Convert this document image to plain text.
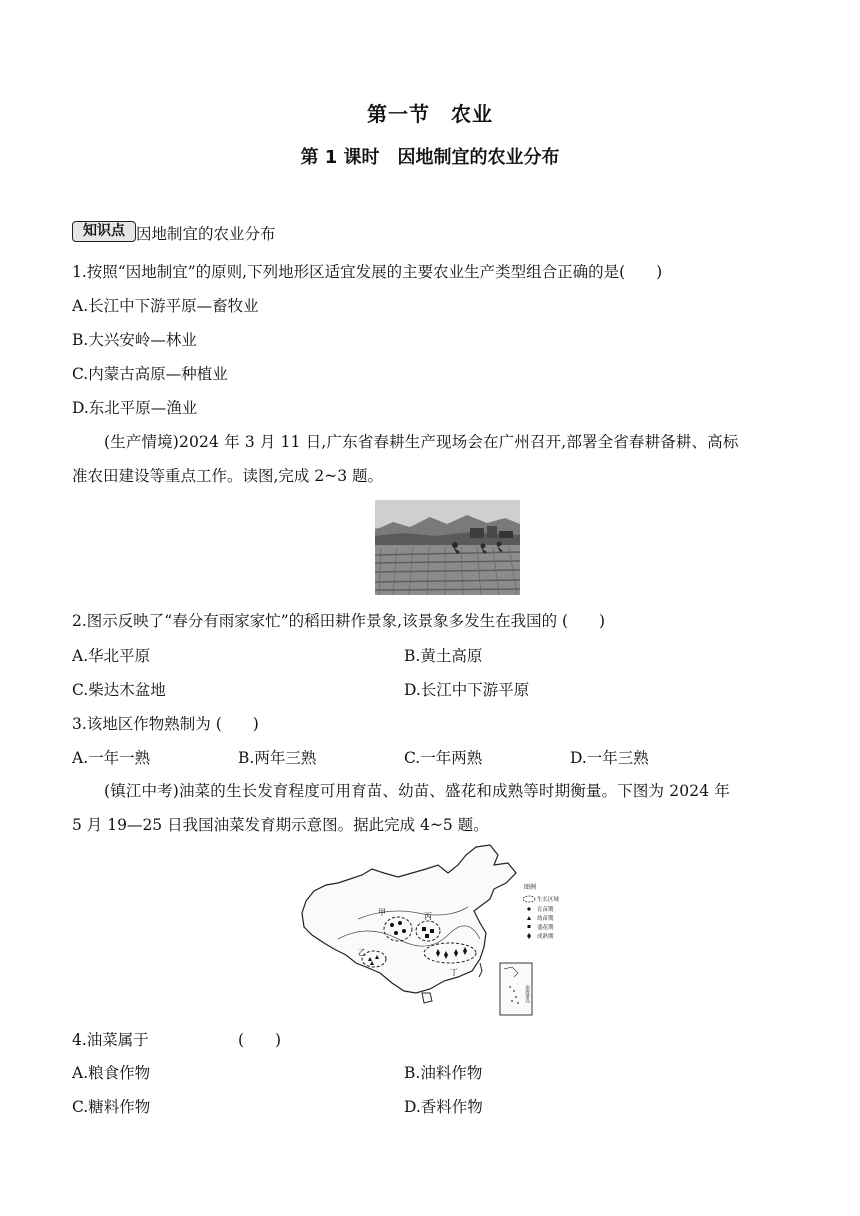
第一节　农业
第 1 课时　因地制宜的农业分布
知识点 因地制宜的农业分布
1.按照“因地制宜”的原则,下列地形区适宜发展的主要农业生产类型组合正确的是(　　)
A.长江中下游平原—畜牧业
B.大兴安岭—林业
C.内蒙古高原—种植业
D.东北平原—渔业
(生产情境)2024 年 3 月 11 日,广东省春耕生产现场会在广州召开,部署全省春耕备耕、高标
准农田建设等重点工作。读图,完成 2~3 题。
2.图示反映了“春分有雨家家忙”的稻田耕作景象,该景象多发生在我国的 (　　)
A.华北平原	B.黄土高原
C.柴达木盆地	D.长江中下游平原
3.该地区作物熟制为 (　　)
A.一年一熟	B.两年三熟	C.一年两熟	D.一年三熟
(镇江中考)油菜的生长发育程度可用育苗、幼苗、盛花和成熟等时期衡量。下图为 2024 年
5 月 19—25 日我国油菜发育期示意图。据此完成 4~5 题。
甲	丙
乙
丁
图例
生长区域
育苗期
幼苗期
盛花期
成熟期
南海诸岛
4.油菜属于	(　　)
A.粮食作物	B.油料作物
C.糖料作物	D.香料作物
